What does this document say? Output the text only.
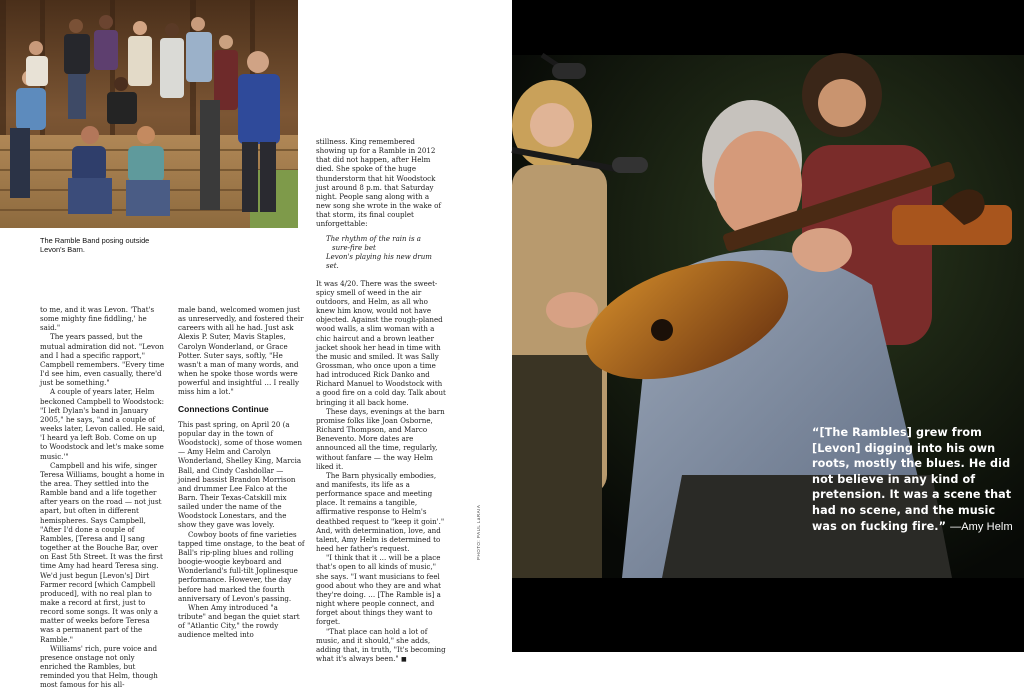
The Ramble Band posing outside
Levon's Barn.

to me, and it was Levon. 'That's some mighty fine fiddling,' he said."

The years passed, but the mutual admiration did not. "Levon and I had a specific rapport," Campbell remembers. "Every time I'd see him, even casually, there'd just be something."

A couple of years later, Helm beckoned Campbell to Woodstock: "I left Dylan's band in January 2005," he says, "and a couple of weeks later, Levon called. He said, 'I heard ya left Bob. Come on up to Woodstock and let's make some music.'"

Campbell and his wife, singer Teresa Williams, bought a home in the area. They settled into the Ramble band and a life together after years on the road — not just apart, but often in different hemispheres. Says Campbell, "After I'd done a couple of Rambles, [Teresa and I] sang together at the Bouche Bar, over on East 5th Street. It was the first time Amy had heard Teresa sing. We'd just begun [Levon's] Dirt Farmer record [which Campbell produced], with no real plan to make a record at first, just to record some songs. It was only a matter of weeks before Teresa was a permanent part of the Ramble."

Williams' rich, pure voice and presence onstage not only enriched the Rambles, but reminded you that Helm, though most famous for his all-

male band, welcomed women just as unreservedly, and fostered their careers with all he had. Just ask Alexis P. Suter, Mavis Staples, Carolyn Wonderland, or Grace Potter. Suter says, softly, "He wasn't a man of many words, and when he spoke those words were powerful and insightful … I really miss him a lot."

Connections Continue

This past spring, on April 20 (a popular day in the town of Woodstock), some of those women — Amy Helm and Carolyn Wonderland, Shelley King, Marcia Ball, and Cindy Cashdollar — joined bassist Brandon Morrison and drummer Lee Falco at the Barn. Their Texas-Catskill mix sailed under the name of the Woodstock Lonestars, and the show they gave was lovely.

Cowboy boots of fine varieties tapped time onstage, to the beat of Ball's rip-pling blues and rolling boogie-woogie keyboard and Wonderland's full-tilt Joplinesque performance. However, the day before had marked the fourth anniversary of Levon's passing.

When Amy introduced "a tribute" and began the quiet start of "Atlantic City," the rowdy audience melted into

stillness. King remembered showing up for a Ramble in 2012 that did not happen, after Helm died. She spoke of the huge thunderstorm that hit Woodstock just around 8 p.m. that Saturday night. People sang along with a new song she wrote in the wake of that storm, its final couplet unforgettable:

The rhythm of the rain is a
sure-fire bet
Levon's playing his new drum set.

It was 4/20. There was the sweet-spicy smell of weed in the air outdoors, and Helm, as all who knew him know, would not have objected. Against the rough-planed wood walls, a slim woman with a chic haircut and a brown leather jacket shook her head in time with the music and smiled. It was Sally Grossman, who once upon a time had introduced Rick Danko and Richard Manuel to Woodstock with a good fire on a cold day. Talk about bringing it all back home.

These days, evenings at the barn promise folks like Joan Osborne, Richard Thompson, and Marco Benevento. More dates are announced all the time, regularly, without fanfare — the way Helm liked it.

The Barn physically embodies, and manifests, its life as a performance space and meeting place. It remains a tangible, affirmative response to Helm's deathbed request to "keep it goin'." And, with determination, love, and talent, Amy Helm is determined to heed her father's request.

"I think that it … will be a place that's open to all kinds of music," she says. "I want musicians to feel good about who they are and what they're doing. … [The Ramble is] a night where people connect, and forget about things they want to forget.

"That place can hold a lot of music, and it should," she adds, adding that, in truth, "It's becoming what it's always been." ■

PHOTO: PAUL LaRAIA
“[The Rambles] grew from [Levon] digging into his own roots, mostly the blues. He did not believe in any kind of pretension. It was a scene that had no scene, and the music was on fucking fire.” —Amy Helm
